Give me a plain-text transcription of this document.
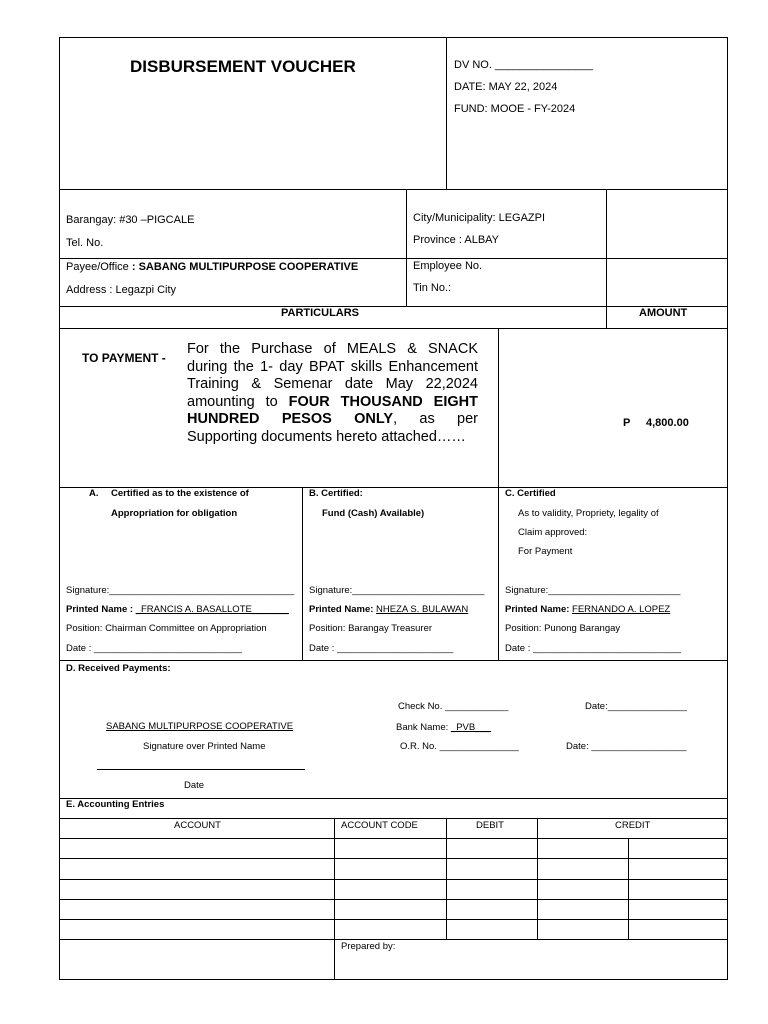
DISBURSEMENT VOUCHER	DV NO. ________________
DATE: MAY 22, 2024
FUND: MOOE - FY-2024
Barangay: #30 –PIGCALE
Tel. No.
City/Municipality: LEGAZPI
Province : ALBAY
Payee/Office : SABANG MULTIPURPOSE COOPERATIVE
Address : Legazpi City
Employee No.
Tin No.:
PARTICULARS	AMOUNT
TO PAYMENT -
For the Purchase of MEALS & SNACK during the 1- day BPAT skills Enhancement Training & Semenar date May 22,2024 amounting to FOUR THOUSAND EIGHT HUNDRED PESOS ONLY, as per Supporting documents hereto attached……
P 4,800.00
A. Certified as to the existence of
Appropriation for obligation
Signature:___________________________________
Printed Name : _FRANCIS A. BASALLOTE_______
Position: Chairman Committee on Appropriation
Date : ____________________________
B. Certified:
Fund (Cash) Available)
Signature:_________________________
Printed Name: NHEZA S. BULAWAN
Position: Barangay Treasurer
Date : ______________________
C. Certified
As to validity, Propriety, legality of
Claim approved:
For Payment
Signature:_________________________
Printed Name: FERNANDO A. LOPEZ
Position: Punong Barangay
Date : ____________________________
D. Received Payments:
Check No. ____________	Date:_______________
SABANG MULTIPURPOSE COOPERATIVE	Bank Name: _PVB___
Signature over Printed Name	O.R. No. _______________	Date: __________________
Date
E. Accounting Entries
ACCOUNT	ACCOUNT CODE	DEBIT	CREDIT
Prepared by:
